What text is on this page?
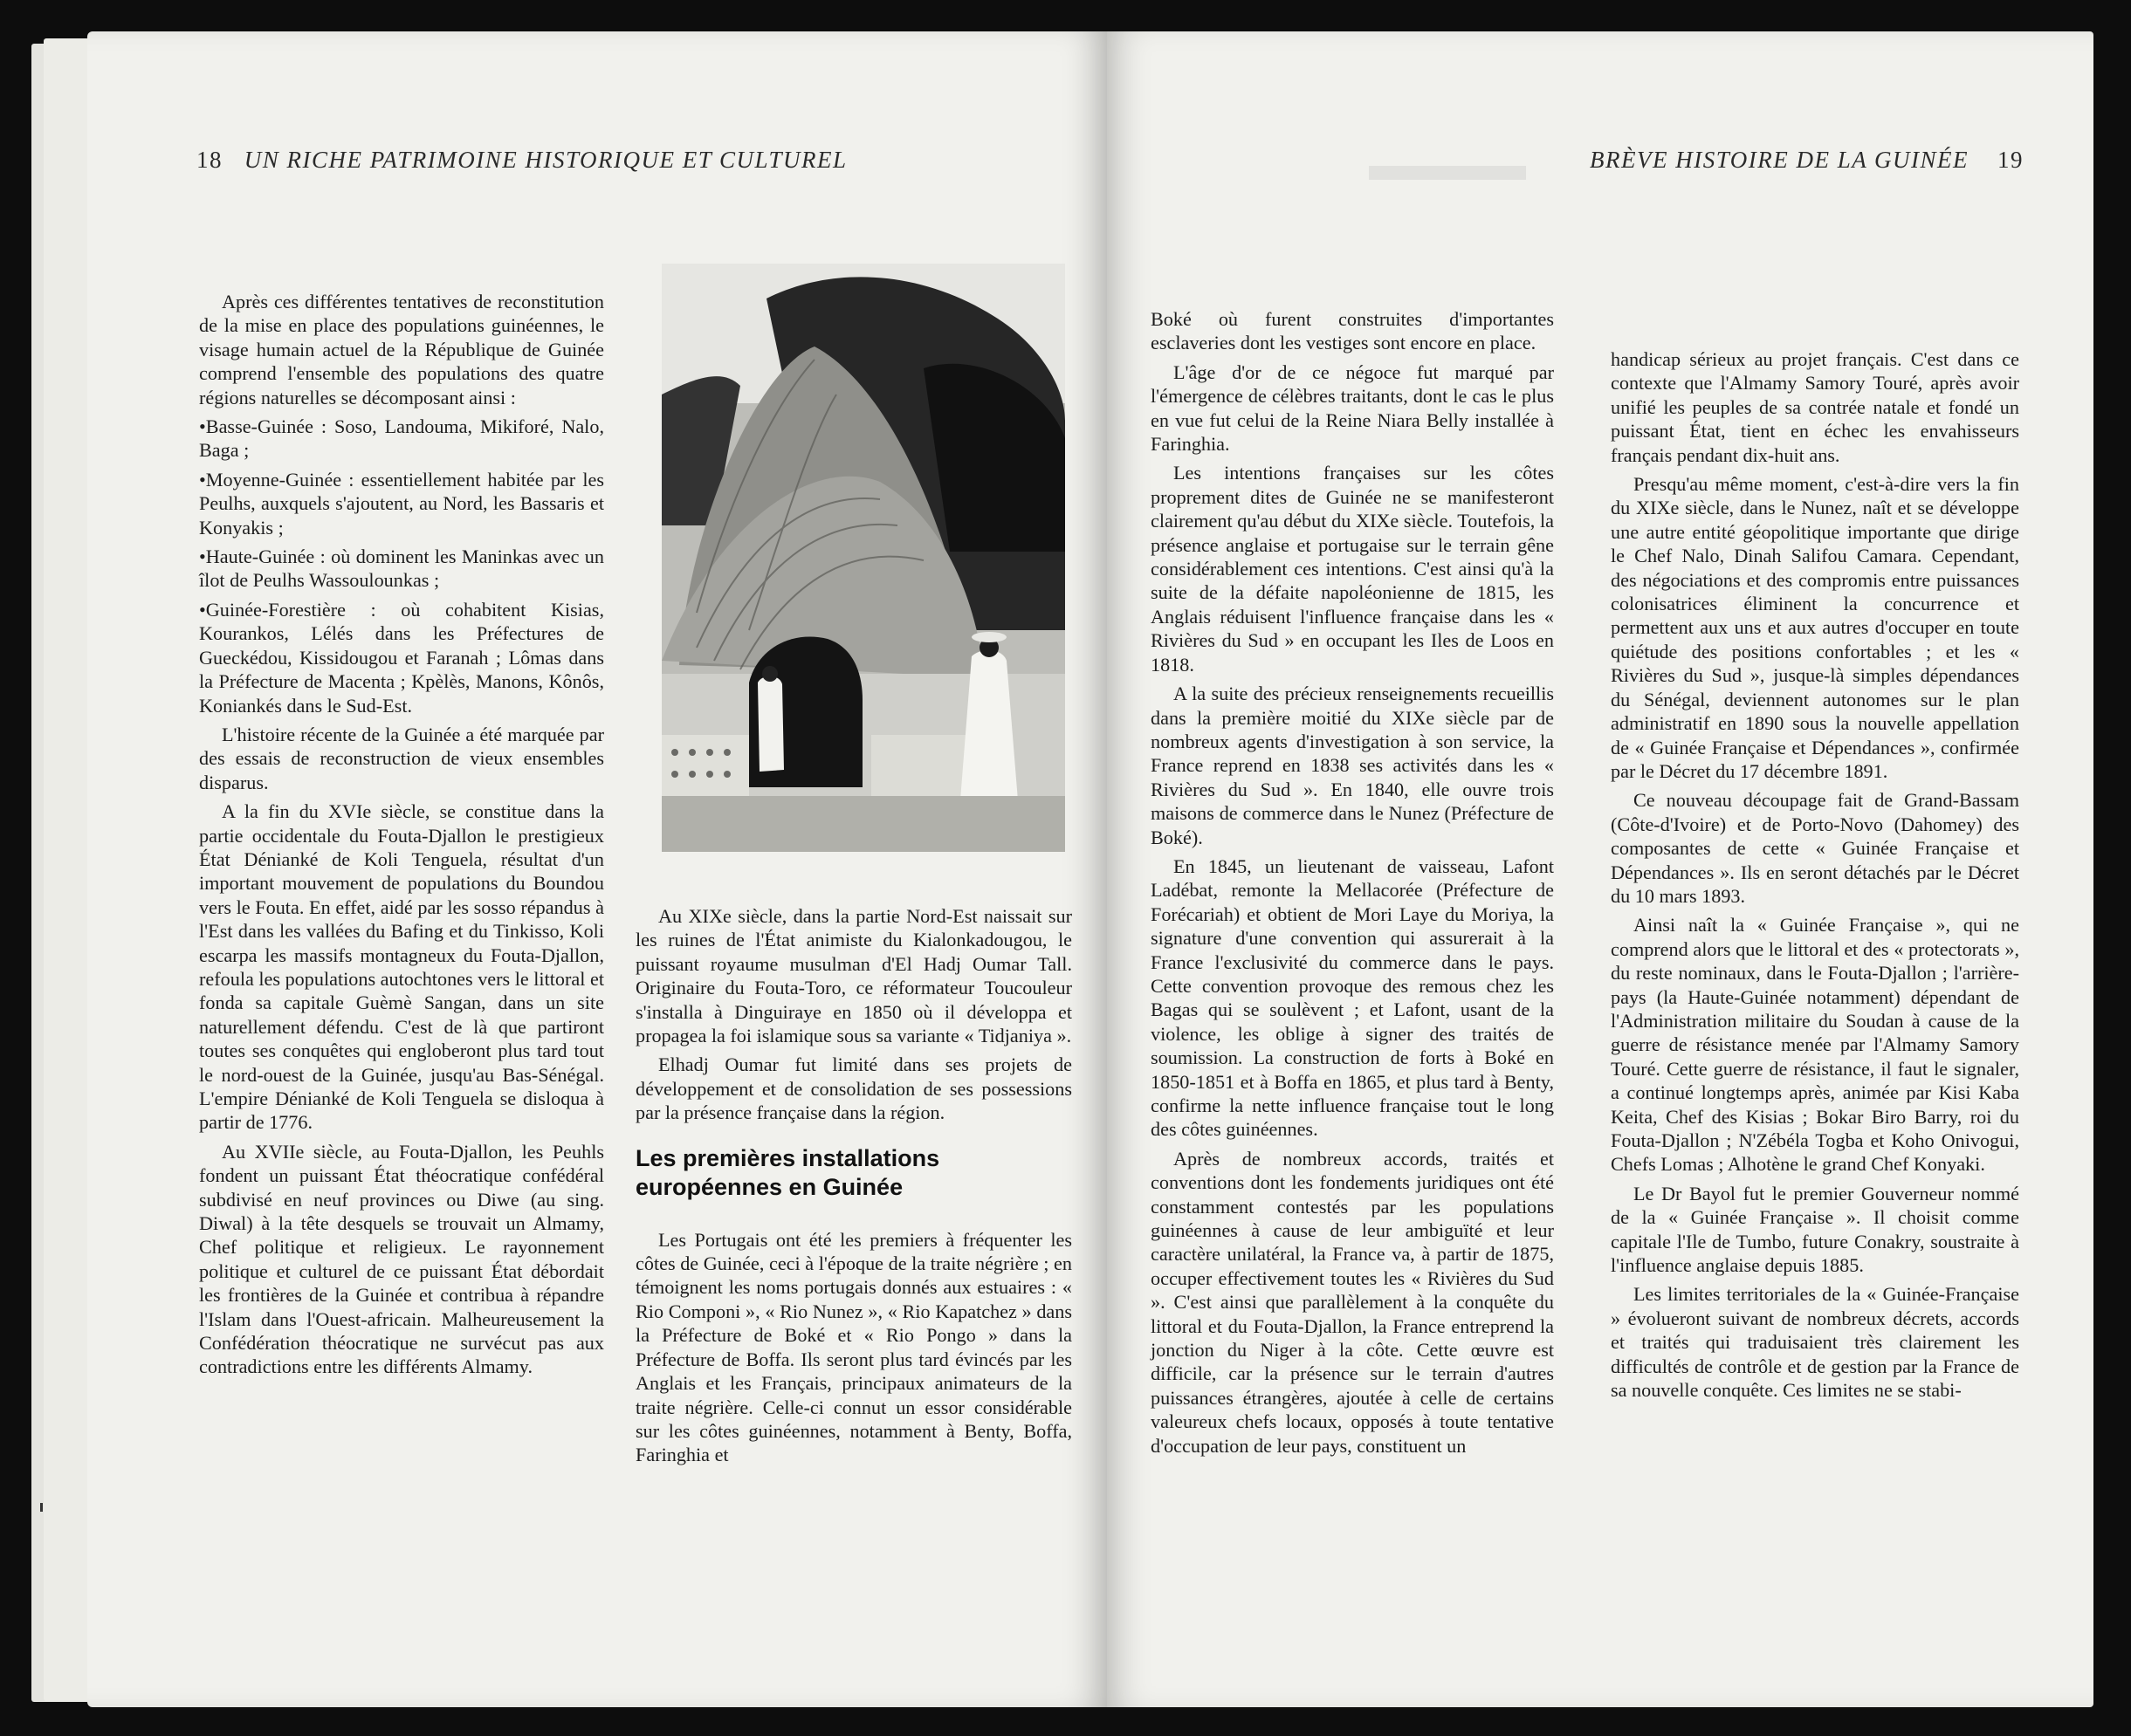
18 UN RICHE PATRIMOINE HISTORIQUE ET CULTUREL

Après ces différentes tentatives de reconstitution de la mise en place des populations guinéennes, le visage humain actuel de la République de Guinée comprend l'ensemble des populations des quatre régions naturelles se décomposant ainsi :

• Basse-Guinée : Soso, Landouma, Mikiforé, Nalo, Baga ;

• Moyenne-Guinée : essentiellement habitée par les Peulhs, auxquels s'ajoutent, au Nord, les Bassaris et Konyakis ;

• Haute-Guinée : où dominent les Maninkas avec un îlot de Peulhs Wassoulounkas ;

• Guinée-Forestière : où cohabitent Kisias, Kourankos, Lélés dans les Préfectures de Gueckédou, Kissidougou et Faranah ; Lômas dans la Préfecture de Macenta ; Kpèlès, Manons, Kônôs, Koniankés dans le Sud-Est.

L'histoire récente de la Guinée a été marquée par des essais de reconstruction de vieux ensembles disparus.

A la fin du XVIe siècle, se constitue dans la partie occidentale du Fouta-Djallon le prestigieux État Dénianké de Koli Tenguela, résultat d'un important mouvement de populations du Boundou vers le Fouta. En effet, aidé par les sosso répandus à l'Est dans les vallées du Bafing et du Tinkisso, Koli escarpa les massifs montagneux du Fouta-Djallon, refoula les populations autochtones vers le littoral et fonda sa capitale Guèmè Sangan, dans un site naturellement défendu. C'est de là que partiront toutes ses conquêtes qui engloberont plus tard tout le nord-ouest de la Guinée, jusqu'au Bas-Sénégal. L'empire Dénianké de Koli Tenguela se disloqua à partir de 1776.

Au XVIIe siècle, au Fouta-Djallon, les Peuhls fondent un puissant État théocratique confédéral subdivisé en neuf provinces ou Diwe (au sing. Diwal) à la tête desquels se trouvait un Almamy, Chef politique et religieux. Le rayonnement politique et culturel de ce puissant État débordait les frontières de la Guinée et contribua à répandre l'Islam dans l'Ouest-africain. Malheureusement la Confédération théocratique ne survécut pas aux contradictions entre les différents Almamy.

Au XIXe siècle, dans la partie Nord-Est naissait sur les ruines de l'État animiste du Kialonkadougou, le puissant royaume musulman d'El Hadj Oumar Tall. Originaire du Fouta-Toro, ce réformateur Toucouleur s'installa à Dinguiraye en 1850 où il développa et propagea la foi islamique sous sa variante « Tidjaniya ».

Elhadj Oumar fut limité dans ses projets de développement et de consolidation de ses possessions par la présence française dans la région.

Les premières installations européennes en Guinée

Les Portugais ont été les premiers à fréquenter les côtes de Guinée, ceci à l'époque de la traite négrière ; en témoignent les noms portugais donnés aux estuaires : « Rio Componi », « Rio Nunez », « Rio Kapatchez » dans la Préfecture de Boké et « Rio Pongo » dans la Préfecture de Boffa. Ils seront plus tard évincés par les Anglais et les Français, principaux animateurs de la traite négrière. Celle-ci connut un essor considérable sur les côtes guinéennes, notamment à Benty, Boffa, Faringhia et

BRÈVE HISTOIRE DE LA GUINÉE 19

Boké où furent construites d'importantes esclaveries dont les vestiges sont encore en place.

L'âge d'or de ce négoce fut marqué par l'émergence de célèbres traitants, dont le cas le plus en vue fut celui de la Reine Niara Belly installée à Faringhia.

Les intentions françaises sur les côtes proprement dites de Guinée ne se manifesteront clairement qu'au début du XIXe siècle. Toutefois, la présence anglaise et portugaise sur le terrain gêne considérablement ces intentions. C'est ainsi qu'à la suite de la défaite napoléonienne de 1815, les Anglais réduisent l'influence française dans les « Rivières du Sud » en occupant les Iles de Loos en 1818.

A la suite des précieux renseignements recueillis dans la première moitié du XIXe siècle par de nombreux agents d'investigation à son service, la France reprend en 1838 ses activités dans les « Rivières du Sud ». En 1840, elle ouvre trois maisons de commerce dans le Nunez (Préfecture de Boké).

En 1845, un lieutenant de vaisseau, Lafont Ladébat, remonte la Mellacorée (Préfecture de Forécariah) et obtient de Mori Laye du Moriya, la signature d'une convention qui assurerait à la France l'exclusivité du commerce dans le pays. Cette convention provoque des remous chez les Bagas qui se soulèvent ; et Lafont, usant de la violence, les oblige à signer des traités de soumission. La construction de forts à Boké en 1850-1851 et à Boffa en 1865, et plus tard à Benty, confirme la nette influence française tout le long des côtes guinéennes.

Après de nombreux accords, traités et conventions dont les fondements juridiques ont été constamment contestés par les populations guinéennes à cause de leur ambiguïté et leur caractère unilatéral, la France va, à partir de 1875, occuper effectivement toutes les « Rivières du Sud ». C'est ainsi que parallèlement à la conquête du littoral et du Fouta-Djallon, la France entreprend la jonction du Niger à la côte. Cette œuvre est difficile, car la présence sur le terrain d'autres puissances étrangères, ajoutée à celle de certains valeureux chefs locaux, opposés à toute tentative d'occupation de leur pays, constituent un

handicap sérieux au projet français. C'est dans ce contexte que l'Almamy Samory Touré, après avoir unifié les peuples de sa contrée natale et fondé un puissant État, tient en échec les envahisseurs français pendant dix-huit ans.

Presqu'au même moment, c'est-à-dire vers la fin du XIXe siècle, dans le Nunez, naît et se développe une autre entité géopolitique importante que dirige le Chef Nalo, Dinah Salifou Camara. Cependant, des négociations et des compromis entre puissances colonisatrices éliminent la concurrence et permettent aux uns et aux autres d'occuper en toute quiétude des positions confortables ; et les « Rivières du Sud », jusque-là simples dépendances du Sénégal, deviennent autonomes sur le plan administratif en 1890 sous la nouvelle appellation de « Guinée Française et Dépendances », confirmée par le Décret du 17 décembre 1891.

Ce nouveau découpage fait de Grand-Bassam (Côte-d'Ivoire) et de Porto-Novo (Dahomey) des composantes de cette « Guinée Française et Dépendances ». Ils en seront détachés par le Décret du 10 mars 1893.

Ainsi naît la « Guinée Française », qui ne comprend alors que le littoral et des « protectorats », du reste nominaux, dans le Fouta-Djallon ; l'arrière-pays (la Haute-Guinée notamment) dépendant de l'Administration militaire du Soudan à cause de la guerre de résistance menée par l'Almamy Samory Touré. Cette guerre de résistance, il faut le signaler, a continué longtemps après, animée par Kisi Kaba Keita, Chef des Kisias ; Bokar Biro Barry, roi du Fouta-Djallon ; N'Zébéla Togba et Koho Onivogui, Chefs Lomas ; Alhotène le grand Chef Konyaki.

Le Dr Bayol fut le premier Gouverneur nommé de la « Guinée Française ». Il choisit comme capitale l'Ile de Tumbo, future Conakry, soustraite à l'influence anglaise depuis 1885.

Les limites territoriales de la « Guinée-Française » évolueront suivant de nombreux décrets, accords et traités qui traduisaient très clairement les difficultés de contrôle et de gestion par la France de sa nouvelle conquête. Ces limites ne se stabi-
